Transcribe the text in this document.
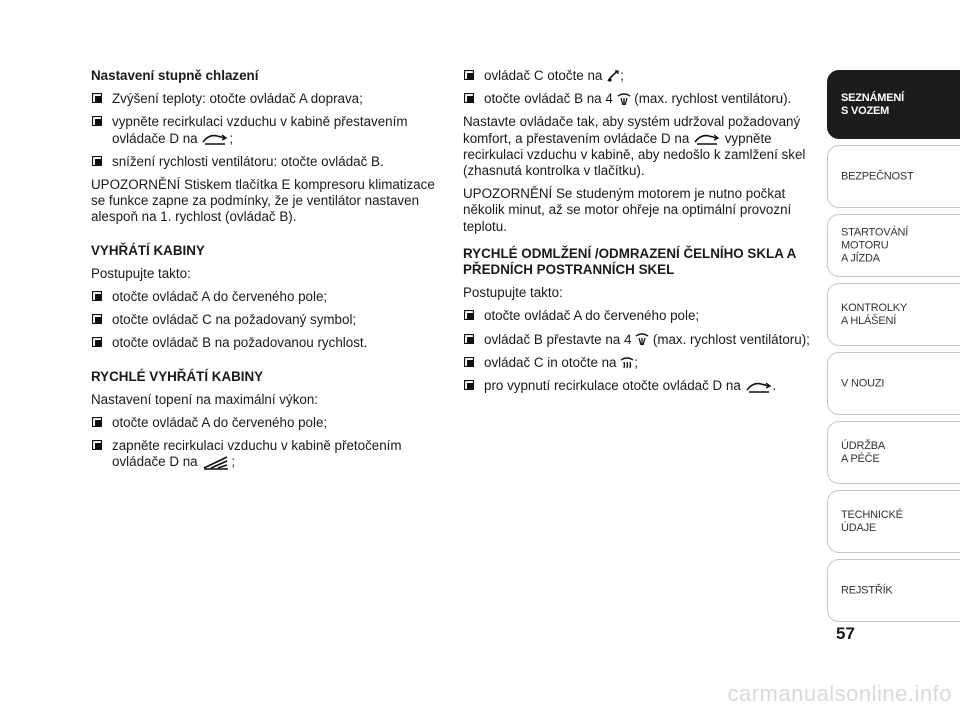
Nastavení stupně chlazení
Zvýšení teploty: otočte ovládač A doprava;
vypněte recirkulaci vzduchu v kabině přestavením ovládače D na ;
snížení rychlosti ventilátoru: otočte ovládač B.

UPOZORNĚNÍ Stiskem tlačítka E kompresoru klimatizace se funkce zapne za podmínky, že je ventilátor nastaven alespoň na 1. rychlost (ovládač B).

VYHŘÁTÍ KABINY

Postupujte takto:

otočte ovládač A do červeného pole;
otočte ovládač C na požadovaný symbol;
otočte ovládač B na požadovanou rychlost.
RYCHLÉ VYHŘÁTÍ KABINY

Nastavení topení na maximální výkon:

otočte ovládač A do červeného pole;
zapněte recirkulaci vzduchu v kabině přetočením ovládače D na	;
ovládač C otočte na ;
otočte ovládač B na 4 (max. rychlost ventilátoru).

Nastavte ovládače tak, aby systém udržoval požadovaný komfort, a přestavením ovládače D na	vypněte recirkulaci vzduchu v kabině, aby nedošlo k zamlžení skel (zhasnutá kontrolka v tlačítku).

UPOZORNĚNÍ Se studeným motorem je nutno počkat několik minut, až se motor ohřeje na optimální provozní teplotu.

RYCHLÉ ODMLŽENÍ /ODMRAZENÍ ČELNÍHO SKLA A PŘEDNÍCH POSTRANNÍCH SKEL

Postupujte takto:

otočte ovládač A do červeného pole;
ovládač B přestavte na 4 (max. rychlost ventilátoru);
ovládač C in otočte na ;
pro vypnutí recirkulace otočte ovládač D na .
SEZNÁMENÍ
S VOZEM
BEZPEČNOST
STARTOVÁNÍ
MOTORU
A JÍZDA
KONTROLKY
A HLÁŠENÍ
V NOUZI
ÚDRŽBA
A PÉČE
TECHNICKÉ
ÚDAJE
REJSTŘÍK
57
carmanualsonline.info
